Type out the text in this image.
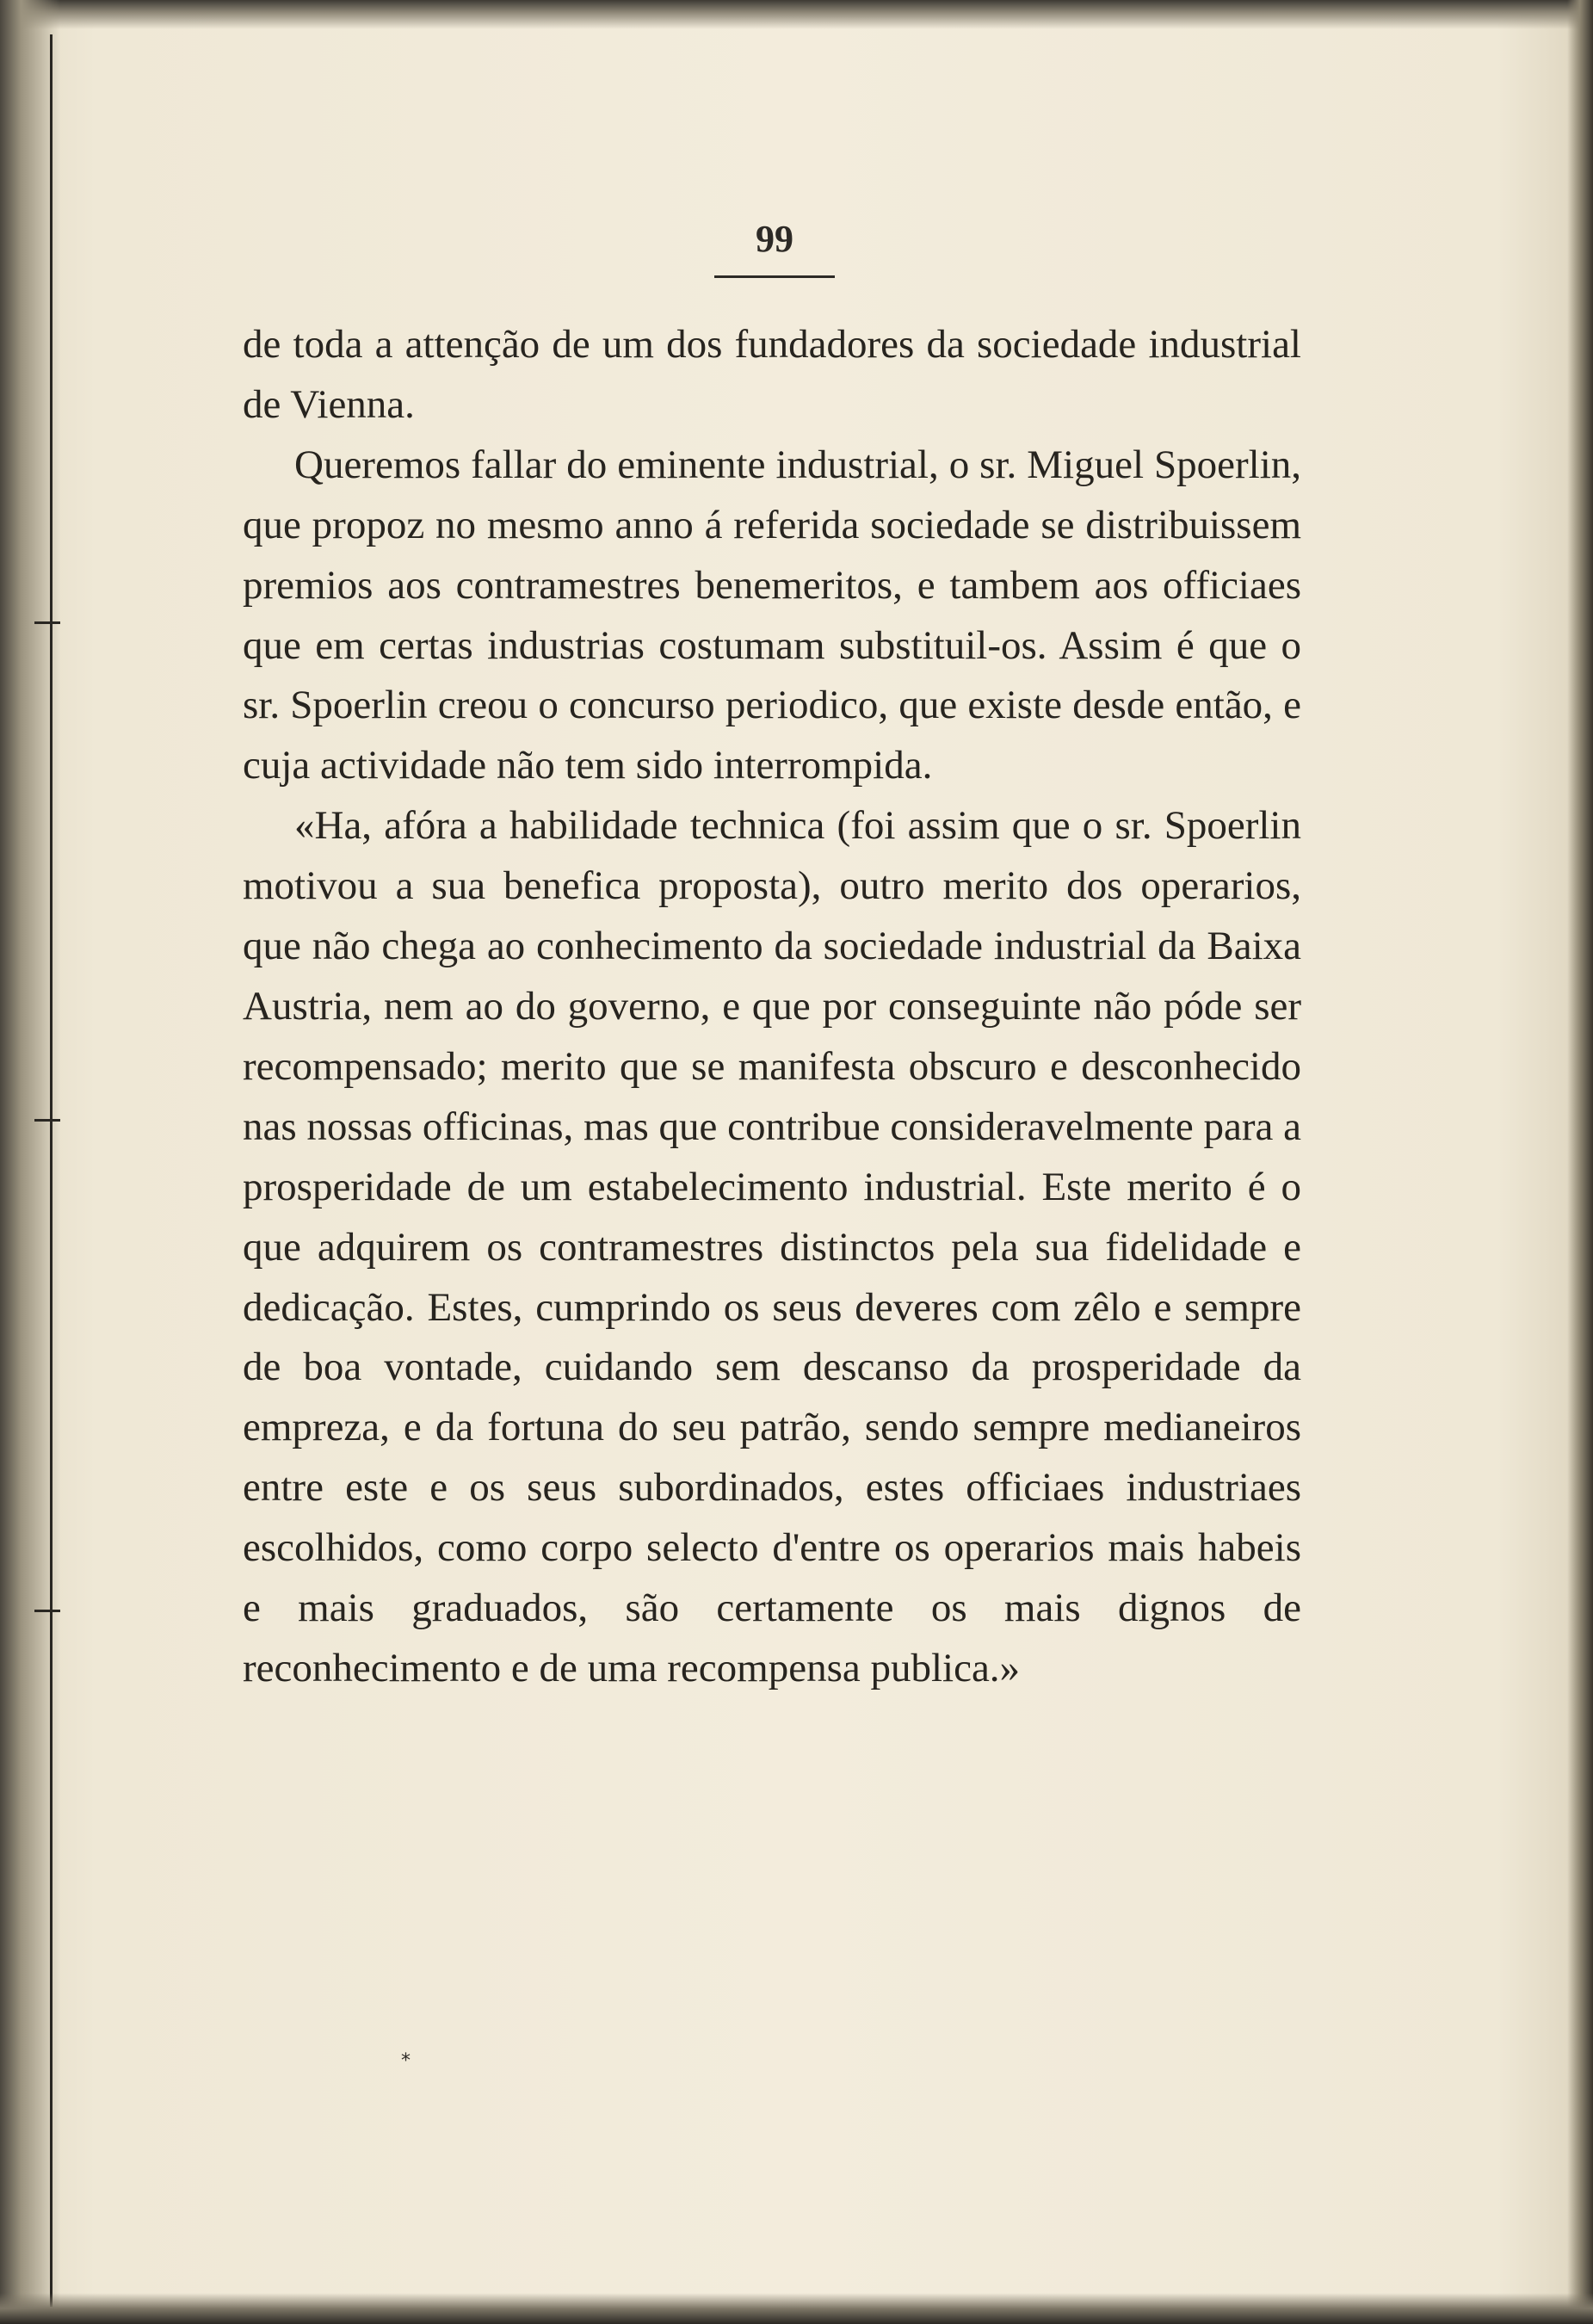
99

de toda a attenção de um dos fundadores da sociedade industrial de Vienna.

Queremos fallar do eminente industrial, o sr. Miguel Spoerlin, que propoz no mesmo anno á referida sociedade se distribuissem premios aos contramestres benemeritos, e tambem aos officiaes que em certas industrias costumam substituil-os. Assim é que o sr. Spoerlin creou o concurso periodico, que existe desde então, e cuja actividade não tem sido interrompida.

«Ha, afóra a habilidade technica (foi assim que o sr. Spoerlin motivou a sua benefica proposta), outro merito dos operarios, que não chega ao conhecimento da sociedade industrial da Baixa Austria, nem ao do governo, e que por conseguinte não póde ser recompensado; merito que se manifesta obscuro e desconhecido nas nossas officinas, mas que contribue consideravelmente para a prosperidade de um estabelecimento industrial. Este merito é o que adquirem os contramestres distinctos pela sua fidelidade e dedicação. Estes, cumprindo os seus deveres com zêlo e sempre de boa vontade, cuidando sem descanso da prosperidade da empreza, e da fortuna do seu patrão, sendo sempre medianeiros entre este e os seus subordinados, estes officiaes industriaes escolhidos, como corpo selecto d'entre os operarios mais habeis e mais graduados, são certamente os mais dignos de reconhecimento e de uma recompensa publica.»

*
